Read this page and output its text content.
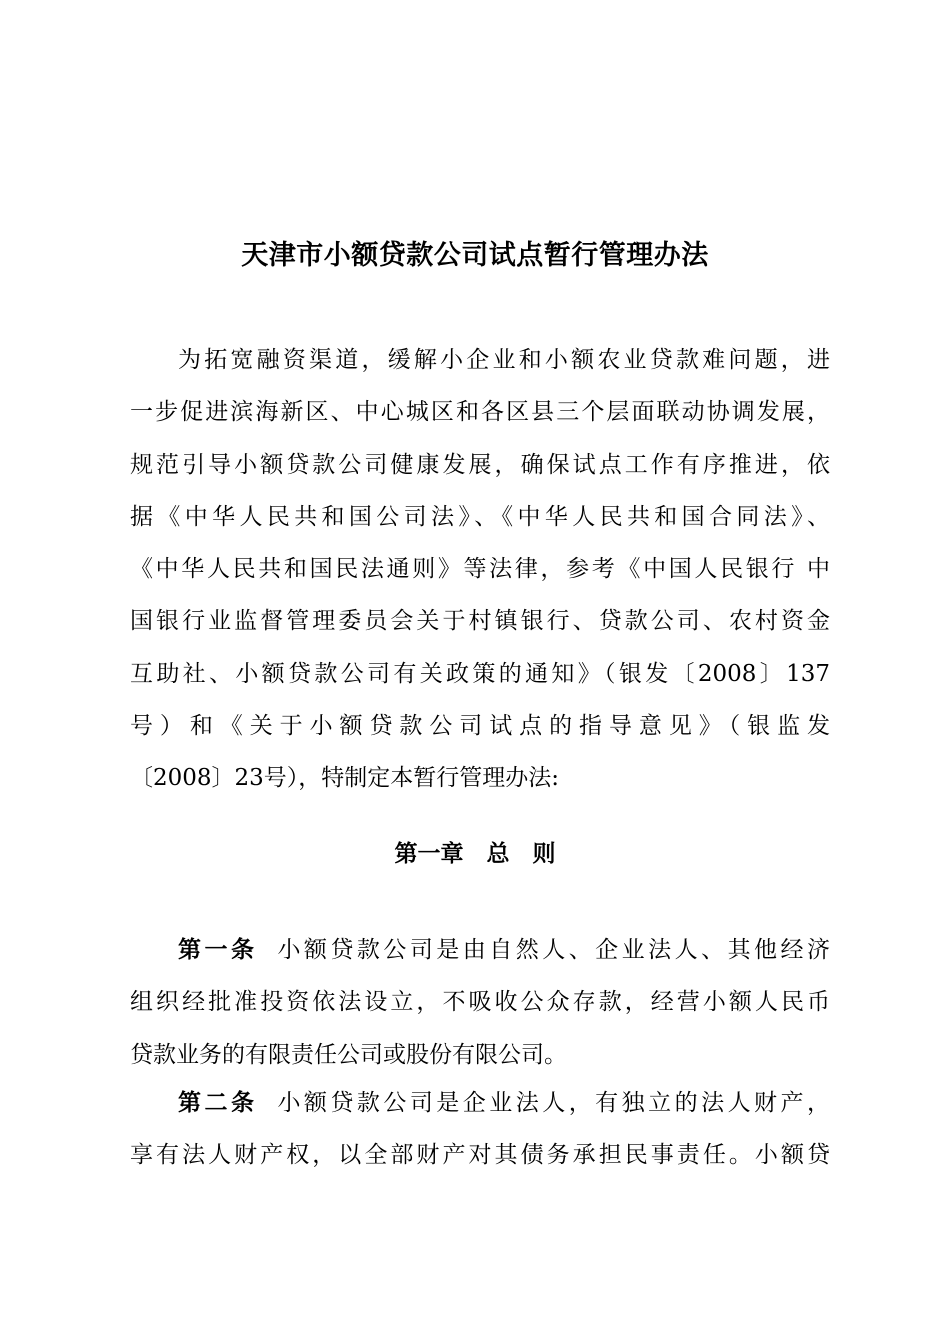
天津市小额贷款公司试点暂行管理办法
为拓宽融资渠道，缓解小企业和小额农业贷款难问题，进
一步促进滨海新区、中心城区和各区县三个层面联动协调发展，
规范引导小额贷款公司健康发展，确保试点工作有序推进，依
据《中华人民共和国公司法》、《中华人民共和国合同法》、
《中华人民共和国民法通则》等法律，参考《中国人民银行 中
国银行业监督管理委员会关于村镇银行、贷款公司、农村资金
互助社、小额贷款公司有关政策的通知》（银发〔2008〕137
号）和《关于小额贷款公司试点的指导意见》（银监发
〔2008〕23号），特制定本暂行管理办法:
第一章　总　则
第一条 小额贷款公司是由自然人、企业法人、其他经济
组织经批准投资依法设立，不吸收公众存款，经营小额人民币
贷款业务的有限责任公司或股份有限公司。
第二条 小额贷款公司是企业法人，有独立的法人财产，
享有法人财产权，以全部财产对其债务承担民事责任。小额贷
